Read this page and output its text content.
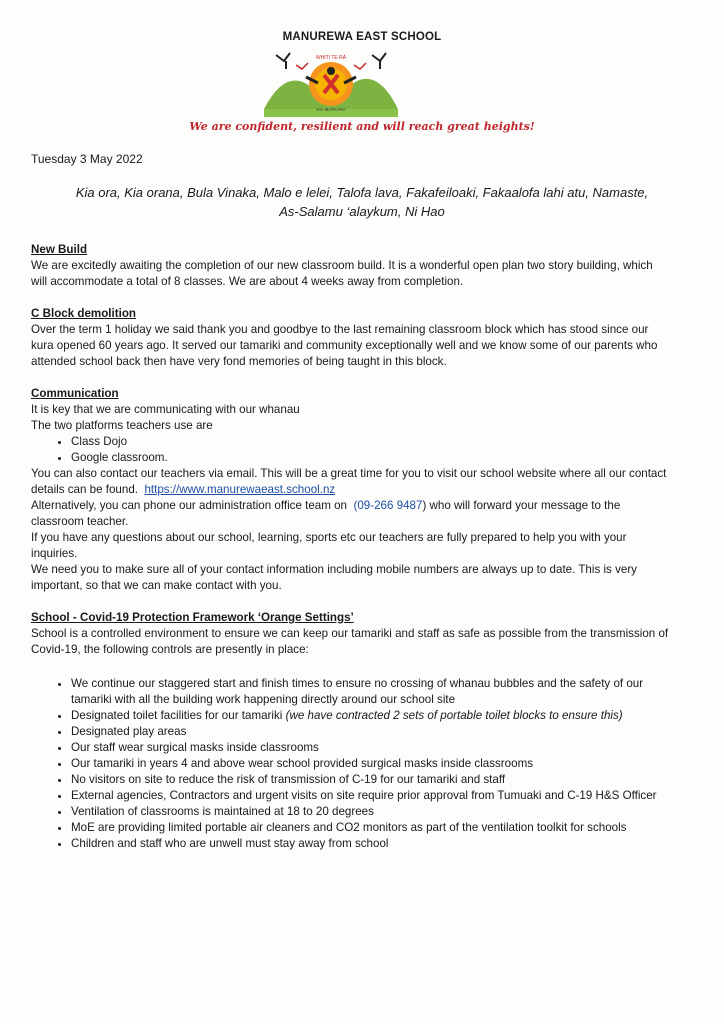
MANUREWA EAST SCHOOL
WHITI TE RĀ
KIA MATAARA
We are confident, resilient and will reach great heights!
Tuesday 3 May 2022
Kia ora, Kia orana, Bula Vinaka, Malo e lelei, Talofa lava, Fakafeiloaki, Fakaalofa lahi atu, Namaste,
As-Salamu ‘alaykum, Ni Hao
New Build

We are excitedly awaiting the completion of our new classroom build. It is a wonderful open plan two story building, which will accommodate a total of 8 classes. We are about 4 weeks away from completion.

C Block demolition

Over the term 1 holiday we said thank you and goodbye to the last remaining classroom block which has stood since our kura opened 60 years ago. It served our tamariki and community exceptionally well and we know some of our parents who attended school back then have very fond memories of being taught in this block.

Communication
It is key that we are communicating with our whanau
The two platforms teachers use are
• Class Dojo
• Google classroom.

You can also contact our teachers via email. This will be a great time for you to visit our school website where all our contact details can be found. https://www.manurewaeast.school.nz

Alternatively, you can phone our administration office team on (09-266 9487) who will forward your message to the classroom teacher.

If you have any questions about our school, learning, sports etc our teachers are fully prepared to help you with your inquiries.

We need you to make sure all of your contact information including mobile numbers are always up to date. This is very important, so that we can make contact with you.

School - Covid-19 Protection Framework ‘Orange Settings’

School is a controlled environment to ensure we can keep our tamariki and staff as safe as possible from the transmission of Covid-19, the following controls are presently in place:

• We continue our staggered start and finish times to ensure no crossing of whanau bubbles and the safety of our tamariki with all the building work happening directly around our school site
• Designated toilet facilities for our tamariki (we have contracted 2 sets of portable toilet blocks to ensure this)
• Designated play areas
• Our staff wear surgical masks inside classrooms
• Our tamariki in years 4 and above wear school provided surgical masks inside classrooms
• No visitors on site to reduce the risk of transmission of C-19 for our tamariki and staff
• External agencies, Contractors and urgent visits on site require prior approval from Tumuaki and C-19 H&S Officer
• Ventilation of classrooms is maintained at 18 to 20 degrees
• MoE are providing limited portable air cleaners and CO2 monitors as part of the ventilation toolkit for schools
• Children and staff who are unwell must stay away from school
